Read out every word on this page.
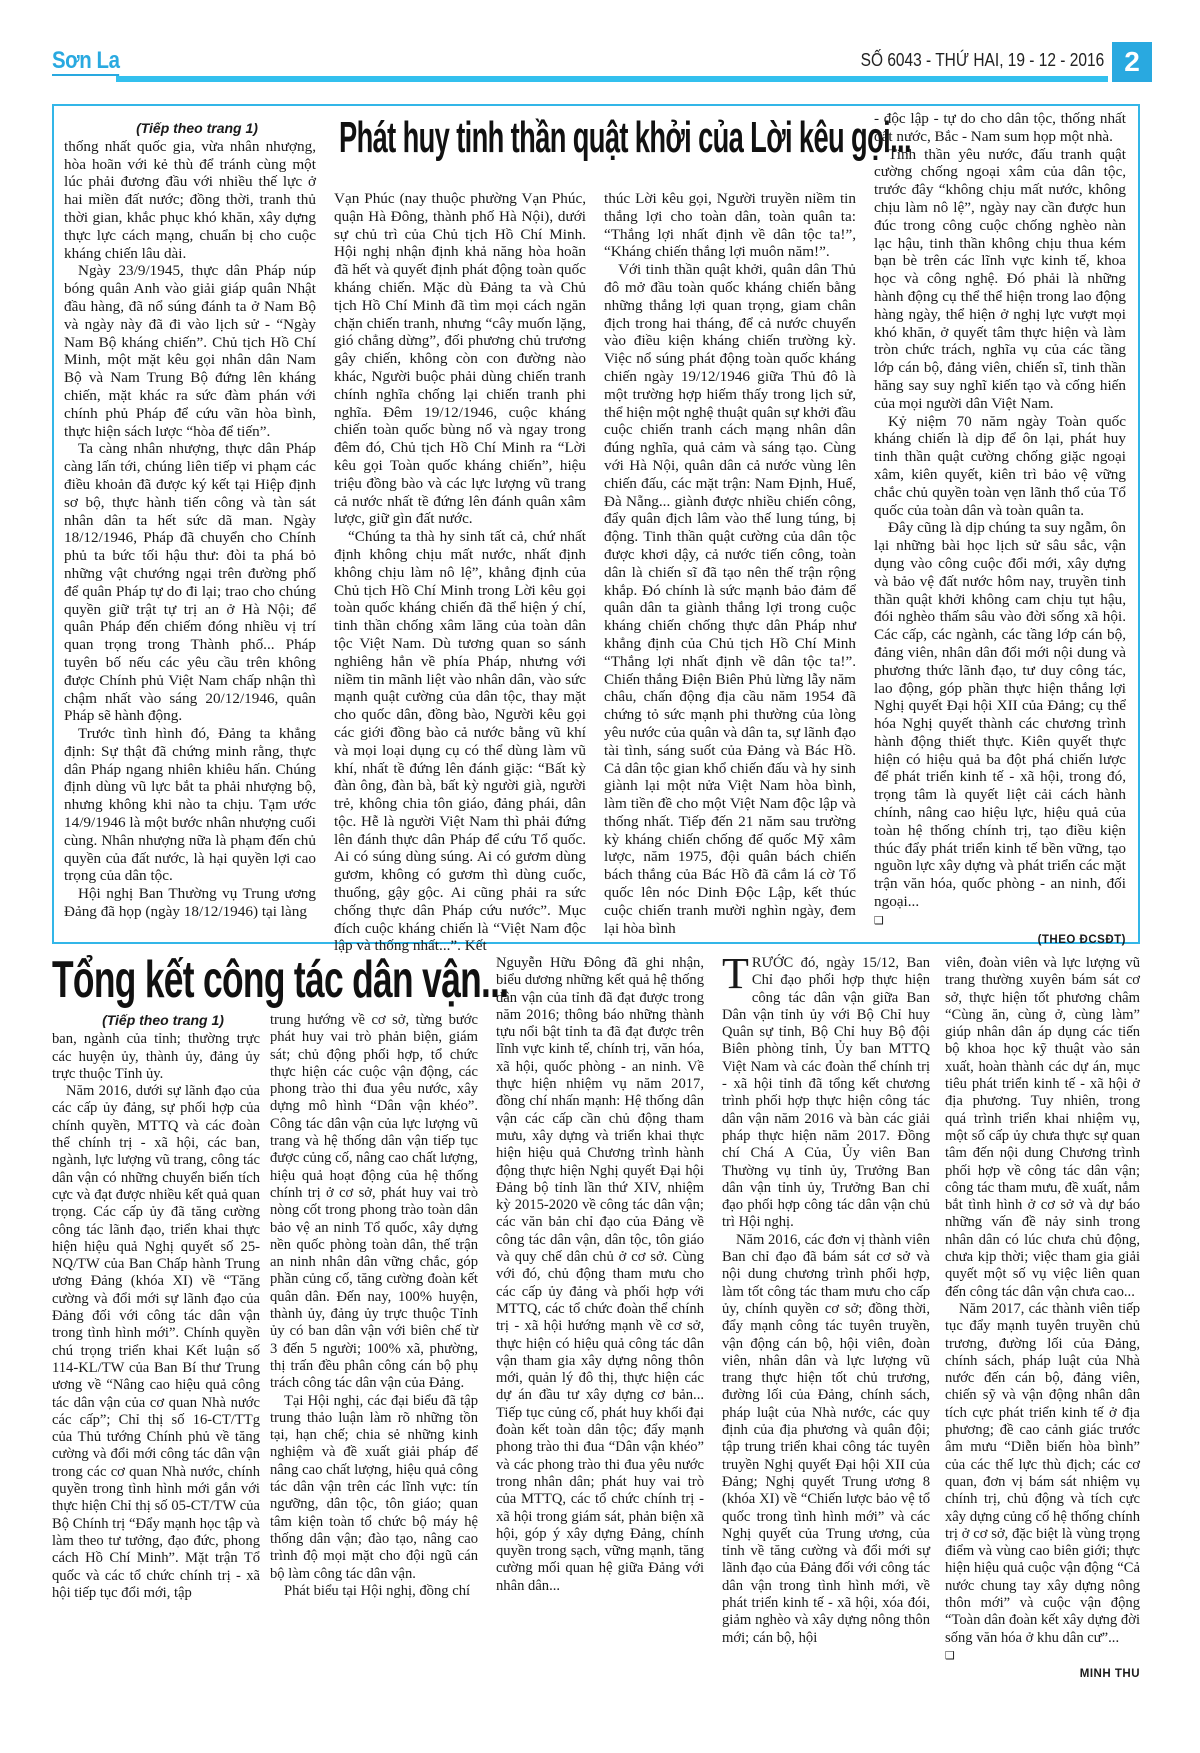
Sơn La	SỐ 6043 - THỨ HAI, 19 - 12 - 2016 2
Phát huy tinh thần quật khởi của Lời kêu gọi...

(Tiếp theo trang 1)

thống nhất quốc gia, vừa nhân nhượng, hòa hoãn với kẻ thù để tránh cùng một lúc phải đương đầu với nhiều thế lực ở hai miền đất nước; đồng thời, tranh thủ thời gian, khắc phục khó khăn, xây dựng thực lực cách mạng, chuẩn bị cho cuộc kháng chiến lâu dài.

Ngày 23/9/1945, thực dân Pháp núp bóng quân Anh vào giải giáp quân Nhật đầu hàng, đã nổ súng đánh ta ở Nam Bộ và ngày này đã đi vào lịch sử - “Ngày Nam Bộ kháng chiến”. Chủ tịch Hồ Chí Minh, một mặt kêu gọi nhân dân Nam Bộ và Nam Trung Bộ đứng lên kháng chiến, mặt khác ra sức đàm phán với chính phủ Pháp để cứu vãn hòa bình, thực hiện sách lược “hòa để tiến”.

Ta càng nhân nhượng, thực dân Pháp càng lấn tới, chúng liên tiếp vi phạm các điều khoản đã được ký kết tại Hiệp định sơ bộ, thực hành tiến công và tàn sát nhân dân ta hết sức dã man. Ngày 18/12/1946, Pháp đã chuyển cho Chính phủ ta bức tối hậu thư: đòi ta phá bỏ những vật chướng ngại trên đường phố để quân Pháp tự do đi lại; trao cho chúng quyền giữ trật tự trị an ở Hà Nội; để quân Pháp đến chiếm đóng nhiều vị trí quan trọng trong Thành phố... Pháp tuyên bố nếu các yêu cầu trên không được Chính phủ Việt Nam chấp nhận thì chậm nhất vào sáng 20/12/1946, quân Pháp sẽ hành động.

Trước tình hình đó, Đảng ta khẳng định: Sự thật đã chứng minh rằng, thực dân Pháp ngang nhiên khiêu hấn. Chúng định dùng vũ lực bắt ta phải nhượng bộ, nhưng không khi nào ta chịu. Tạm ước 14/9/1946 là một bước nhân nhượng cuối cùng. Nhân nhượng nữa là phạm đến chủ quyền của đất nước, là hại quyền lợi cao trọng của dân tộc.

Hội nghị Ban Thường vụ Trung ương Đảng đã họp (ngày 18/12/1946) tại làng

Vạn Phúc (nay thuộc phường Vạn Phúc, quận Hà Đông, thành phố Hà Nội), dưới sự chủ trì của Chủ tịch Hồ Chí Minh. Hội nghị nhận định khả năng hòa hoãn đã hết và quyết định phát động toàn quốc kháng chiến. Mặc dù Đảng ta và Chủ tịch Hồ Chí Minh đã tìm mọi cách ngăn chặn chiến tranh, nhưng “cây muốn lặng, gió chẳng dừng”, đối phương chủ trương gây chiến, không còn con đường nào khác, Người buộc phải dùng chiến tranh chính nghĩa chống lại chiến tranh phi nghĩa. Đêm 19/12/1946, cuộc kháng chiến toàn quốc bùng nổ và ngay trong đêm đó, Chủ tịch Hồ Chí Minh ra “Lời kêu gọi Toàn quốc kháng chiến”, hiệu triệu đồng bào và các lực lượng vũ trang cả nước nhất tề đứng lên đánh quân xâm lược, giữ gìn đất nước.

“Chúng ta thà hy sinh tất cả, chứ nhất định không chịu mất nước, nhất định không chịu làm nô lệ”, khẳng định của Chủ tịch Hồ Chí Minh trong Lời kêu gọi toàn quốc kháng chiến đã thể hiện ý chí, tinh thần chống xâm lăng của toàn dân tộc Việt Nam. Dù tương quan so sánh nghiêng hẳn về phía Pháp, nhưng với niềm tin mãnh liệt vào nhân dân, vào sức mạnh quật cường của dân tộc, thay mặt cho quốc dân, đồng bào, Người kêu gọi các giới đồng bào cả nước bằng vũ khí và mọi loại dụng cụ có thể dùng làm vũ khí, nhất tề đứng lên đánh giặc: “Bất kỳ đàn ông, đàn bà, bất kỳ người già, người trẻ, không chia tôn giáo, đảng phái, dân tộc. Hễ là người Việt Nam thì phải đứng lên đánh thực dân Pháp để cứu Tổ quốc. Ai có súng dùng súng. Ai có gươm dùng gươm, không có gươm thì dùng cuốc, thuổng, gậy gộc. Ai cũng phải ra sức chống thực dân Pháp cứu nước”. Mục đích cuộc kháng chiến là “Việt Nam độc lập và thống nhất...”. Kết

thúc Lời kêu gọi, Người truyền niềm tin thắng lợi cho toàn dân, toàn quân ta: “Thắng lợi nhất định về dân tộc ta!”, “Kháng chiến thắng lợi muôn năm!”.

Với tinh thần quật khởi, quân dân Thủ đô mở đầu toàn quốc kháng chiến bằng những thắng lợi quan trọng, giam chân địch trong hai tháng, để cả nước chuyển vào điều kiện kháng chiến trường kỳ. Việc nổ súng phát động toàn quốc kháng chiến ngày 19/12/1946 giữa Thủ đô là một trường hợp hiếm thấy trong lịch sử, thể hiện một nghệ thuật quân sự khởi đầu cuộc chiến tranh cách mạng nhân dân đúng nghĩa, quả cảm và sáng tạo. Cùng với Hà Nội, quân dân cả nước vùng lên chiến đấu, các mặt trận: Nam Định, Huế, Đà Nẵng... giành được nhiều chiến công, đẩy quân địch lâm vào thế lung túng, bị động. Tinh thần quật cường của dân tộc được khơi dậy, cả nước tiến công, toàn dân là chiến sĩ đã tạo nên thế trận rộng khắp. Đó chính là sức mạnh bảo đảm để quân dân ta giành thắng lợi trong cuộc kháng chiến chống thực dân Pháp như khẳng định của Chủ tịch Hồ Chí Minh “Thắng lợi nhất định về dân tộc ta!”. Chiến thắng Điện Biên Phủ lừng lẫy năm châu, chấn động địa cầu năm 1954 đã chứng tỏ sức mạnh phi thường của lòng yêu nước của quân và dân ta, sự lãnh đạo tài tình, sáng suốt của Đảng và Bác Hồ. Cả dân tộc gian khổ chiến đấu và hy sinh giành lại một nửa Việt Nam hòa bình, làm tiền đề cho một Việt Nam độc lập và thống nhất. Tiếp đến 21 năm sau trường kỳ kháng chiến chống đế quốc Mỹ xâm lược, năm 1975, đội quân bách chiến bách thắng của Bác Hồ đã cắm lá cờ Tổ quốc lên nóc Dinh Độc Lập, kết thúc cuộc chiến tranh mười nghìn ngày, đem lại hòa bình

- độc lập - tự do cho dân tộc, thống nhất đất nước, Bắc - Nam sum họp một nhà.

Tinh thần yêu nước, đấu tranh quật cường chống ngoại xâm của dân tộc, trước đây “không chịu mất nước, không chịu làm nô lệ”, ngày nay cần được hun đúc trong công cuộc chống nghèo nàn lạc hậu, tinh thần không chịu thua kém bạn bè trên các lĩnh vực kinh tế, khoa học và công nghệ. Đó phải là những hành động cụ thể thể hiện trong lao động hàng ngày, thể hiện ở nghị lực vượt mọi khó khăn, ở quyết tâm thực hiện và làm tròn chức trách, nghĩa vụ của các tầng lớp cán bộ, đảng viên, chiến sĩ, tinh thần hăng say suy nghĩ kiến tạo và cống hiến của mọi người dân Việt Nam.

Kỷ niệm 70 năm ngày Toàn quốc kháng chiến là dịp để ôn lại, phát huy tinh thần quật cường chống giặc ngoại xâm, kiên quyết, kiên trì bảo vệ vững chắc chủ quyền toàn vẹn lãnh thổ của Tổ quốc của toàn dân và toàn quân ta.

Đây cũng là dịp chúng ta suy ngẫm, ôn lại những bài học lịch sử sâu sắc, vận dụng vào công cuộc đổi mới, xây dựng và bảo vệ đất nước hôm nay, truyền tinh thần quật khởi không cam chịu tụt hậu, đói nghèo thấm sâu vào đời sống xã hội. Các cấp, các ngành, các tầng lớp cán bộ, đảng viên, nhân dân đổi mới nội dung và phương thức lãnh đạo, tư duy công tác, lao động, góp phần thực hiện thắng lợi Nghị quyết Đại hội XII của Đảng; cụ thể hóa Nghị quyết thành các chương trình hành động thiết thực. Kiên quyết thực hiện có hiệu quả ba đột phá chiến lược để phát triển kinh tế - xã hội, trong đó, trọng tâm là quyết liệt cải cách hành chính, nâng cao hiệu lực, hiệu quả của toàn hệ thống chính trị, tạo điều kiện thúc đẩy phát triển kinh tế bền vững, tạo nguồn lực xây dựng và phát triển các mặt trận văn hóa, quốc phòng - an ninh, đối ngoại...

❑
(THEO ĐCSĐT)
Tổng kết công tác dân vận...

(Tiếp theo trang 1)

ban, ngành của tỉnh; thường trực các huyện ủy, thành ủy, đảng ủy trực thuộc Tỉnh ủy.

Năm 2016, dưới sự lãnh đạo của các cấp ủy đảng, sự phối hợp của chính quyền, MTTQ và các đoàn thể chính trị - xã hội, các ban, ngành, lực lượng vũ trang, công tác dân vận có những chuyển biến tích cực và đạt được nhiều kết quả quan trọng. Các cấp ủy đã tăng cường công tác lãnh đạo, triển khai thực hiện hiệu quả Nghị quyết số 25-NQ/TW của Ban Chấp hành Trung ương Đảng (khóa XI) về “Tăng cường và đổi mới sự lãnh đạo của Đảng đối với công tác dân vận trong tình hình mới”. Chính quyền chú trọng triển khai Kết luận số 114-KL/TW của Ban Bí thư Trung ương về “Nâng cao hiệu quả công tác dân vận của cơ quan Nhà nước các cấp”; Chỉ thị số 16-CT/TTg của Thủ tướng Chính phủ về tăng cường và đổi mới công tác dân vận trong các cơ quan Nhà nước, chính quyền trong tình hình mới gắn với thực hiện Chỉ thị số 05-CT/TW của Bộ Chính trị “Đẩy mạnh học tập và làm theo tư tưởng, đạo đức, phong cách Hồ Chí Minh”. Mặt trận Tổ quốc và các tổ chức chính trị - xã hội tiếp tục đổi mới, tập

trung hướng về cơ sở, từng bước phát huy vai trò phản biện, giám sát; chủ động phối hợp, tổ chức thực hiện các cuộc vận động, các phong trào thi đua yêu nước, xây dựng mô hình “Dân vận khéo”. Công tác dân vận của lực lượng vũ trang và hệ thống dân vận tiếp tục được củng cố, nâng cao chất lượng, hiệu quả hoạt động của hệ thống chính trị ở cơ sở, phát huy vai trò nòng cốt trong phong trào toàn dân bảo vệ an ninh Tổ quốc, xây dựng nền quốc phòng toàn dân, thế trận an ninh nhân dân vững chắc, góp phần củng cố, tăng cường đoàn kết quân dân. Đến nay, 100% huyện, thành ủy, đảng ủy trực thuộc Tỉnh ủy có ban dân vận với biên chế từ 3 đến 5 người; 100% xã, phường, thị trấn đều phân công cán bộ phụ trách công tác dân vận của Đảng.

Tại Hội nghị, các đại biểu đã tập trung thảo luận làm rõ những tồn tại, hạn chế; chia sẻ những kinh nghiệm và đề xuất giải pháp để nâng cao chất lượng, hiệu quả công tác dân vận trên các lĩnh vực: tín ngưỡng, dân tộc, tôn giáo; quan tâm kiện toàn tổ chức bộ máy hệ thống dân vận; đào tạo, nâng cao trình độ mọi mặt cho đội ngũ cán bộ làm công tác dân vận.

Phát biểu tại Hội nghị, đồng chí

Nguyễn Hữu Đông đã ghi nhận, biểu dương những kết quả hệ thống dân vận của tỉnh đã đạt được trong năm 2016; thông báo những thành tựu nổi bật tỉnh ta đã đạt được trên lĩnh vực kinh tế, chính trị, văn hóa, xã hội, quốc phòng - an ninh. Về thực hiện nhiệm vụ năm 2017, đồng chí nhấn mạnh: Hệ thống dân vận các cấp cần chủ động tham mưu, xây dựng và triển khai thực hiện hiệu quả Chương trình hành động thực hiện Nghị quyết Đại hội Đảng bộ tỉnh lần thứ XIV, nhiệm kỳ 2015-2020 về công tác dân vận; các văn bản chỉ đạo của Đảng về công tác dân vận, dân tộc, tôn giáo và quy chế dân chủ ở cơ sở. Cùng với đó, chủ động tham mưu cho các cấp ủy đảng và phối hợp với MTTQ, các tổ chức đoàn thể chính trị - xã hội hướng mạnh về cơ sở, thực hiện có hiệu quả công tác dân vận tham gia xây dựng nông thôn mới, quản lý đô thị, thực hiện các dự án đầu tư xây dựng cơ bản... Tiếp tục củng cố, phát huy khối đại đoàn kết toàn dân tộc; đẩy mạnh phong trào thi đua “Dân vận khéo” và các phong trào thi đua yêu nước trong nhân dân; phát huy vai trò của MTTQ, các tổ chức chính trị - xã hội trong giám sát, phản biện xã hội, góp ý xây dựng Đảng, chính quyền trong sạch, vững mạnh, tăng cường mối quan hệ giữa Đảng với nhân dân...

TRƯỚC đó, ngày 15/12, Ban Chỉ đạo phối hợp thực hiện công tác dân vận giữa Ban Dân vận tỉnh ủy với Bộ Chỉ huy Quân sự tỉnh, Bộ Chỉ huy Bộ đội Biên phòng tỉnh, Ủy ban MTTQ Việt Nam và các đoàn thể chính trị - xã hội tỉnh đã tổng kết chương trình phối hợp thực hiện công tác dân vận năm 2016 và bàn các giải pháp thực hiện năm 2017. Đồng chí Chá A Của, Ủy viên Ban Thường vụ tỉnh ủy, Trưởng Ban dân vận tỉnh ủy, Trưởng Ban chỉ đạo phối hợp công tác dân vận chủ trì Hội nghị.

Năm 2016, các đơn vị thành viên Ban chỉ đạo đã bám sát cơ sở và nội dung chương trình phối hợp, làm tốt công tác tham mưu cho cấp ủy, chính quyền cơ sở; đồng thời, đẩy mạnh công tác tuyên truyền, vận động cán bộ, hội viên, đoàn viên, nhân dân và lực lượng vũ trang thực hiện tốt chủ trương, đường lối của Đảng, chính sách, pháp luật của Nhà nước, các quy định của địa phương và quân đội; tập trung triển khai công tác tuyên truyền Nghị quyết Đại hội XII của Đảng; Nghị quyết Trung ương 8 (khóa XI) về “Chiến lược bảo vệ tổ quốc trong tình hình mới” và các Nghị quyết của Trung ương, của tỉnh về tăng cường và đổi mới sự lãnh đạo của Đảng đối với công tác dân vận trong tình hình mới, về phát triển kinh tế - xã hội, xóa đói, giảm nghèo và xây dựng nông thôn mới; cán bộ, hội

viên, đoàn viên và lực lượng vũ trang thường xuyên bám sát cơ sở, thực hiện tốt phương châm “Cùng ăn, cùng ở, cùng làm” giúp nhân dân áp dụng các tiến bộ khoa học kỹ thuật vào sản xuất, hoàn thành các dự án, mục tiêu phát triển kinh tế - xã hội ở địa phương. Tuy nhiên, trong quá trình triển khai nhiệm vụ, một số cấp ủy chưa thực sự quan tâm đến nội dung Chương trình phối hợp về công tác dân vận; công tác tham mưu, đề xuất, nắm bắt tình hình ở cơ sở và dự báo những vấn đề nảy sinh trong nhân dân có lúc chưa chủ động, chưa kịp thời; việc tham gia giải quyết một số vụ việc liên quan đến công tác dân vận chưa cao...

Năm 2017, các thành viên tiếp tục đẩy mạnh tuyên truyền chủ trương, đường lối của Đảng, chính sách, pháp luật của Nhà nước đến cán bộ, đảng viên, chiến sỹ và vận động nhân dân tích cực phát triển kinh tế ở địa phương; đề cao cảnh giác trước âm mưu “Diễn biến hòa bình” của các thế lực thù địch; các cơ quan, đơn vị bám sát nhiệm vụ chính trị, chủ động và tích cực xây dựng củng cố hệ thống chính trị ở cơ sở, đặc biệt là vùng trọng điểm và vùng cao biên giới; thực hiện hiệu quả cuộc vận động “Cả nước chung tay xây dựng nông thôn mới” và cuộc vận động “Toàn dân đoàn kết xây dựng đời sống văn hóa ở khu dân cư”...

❑
MINH THU
